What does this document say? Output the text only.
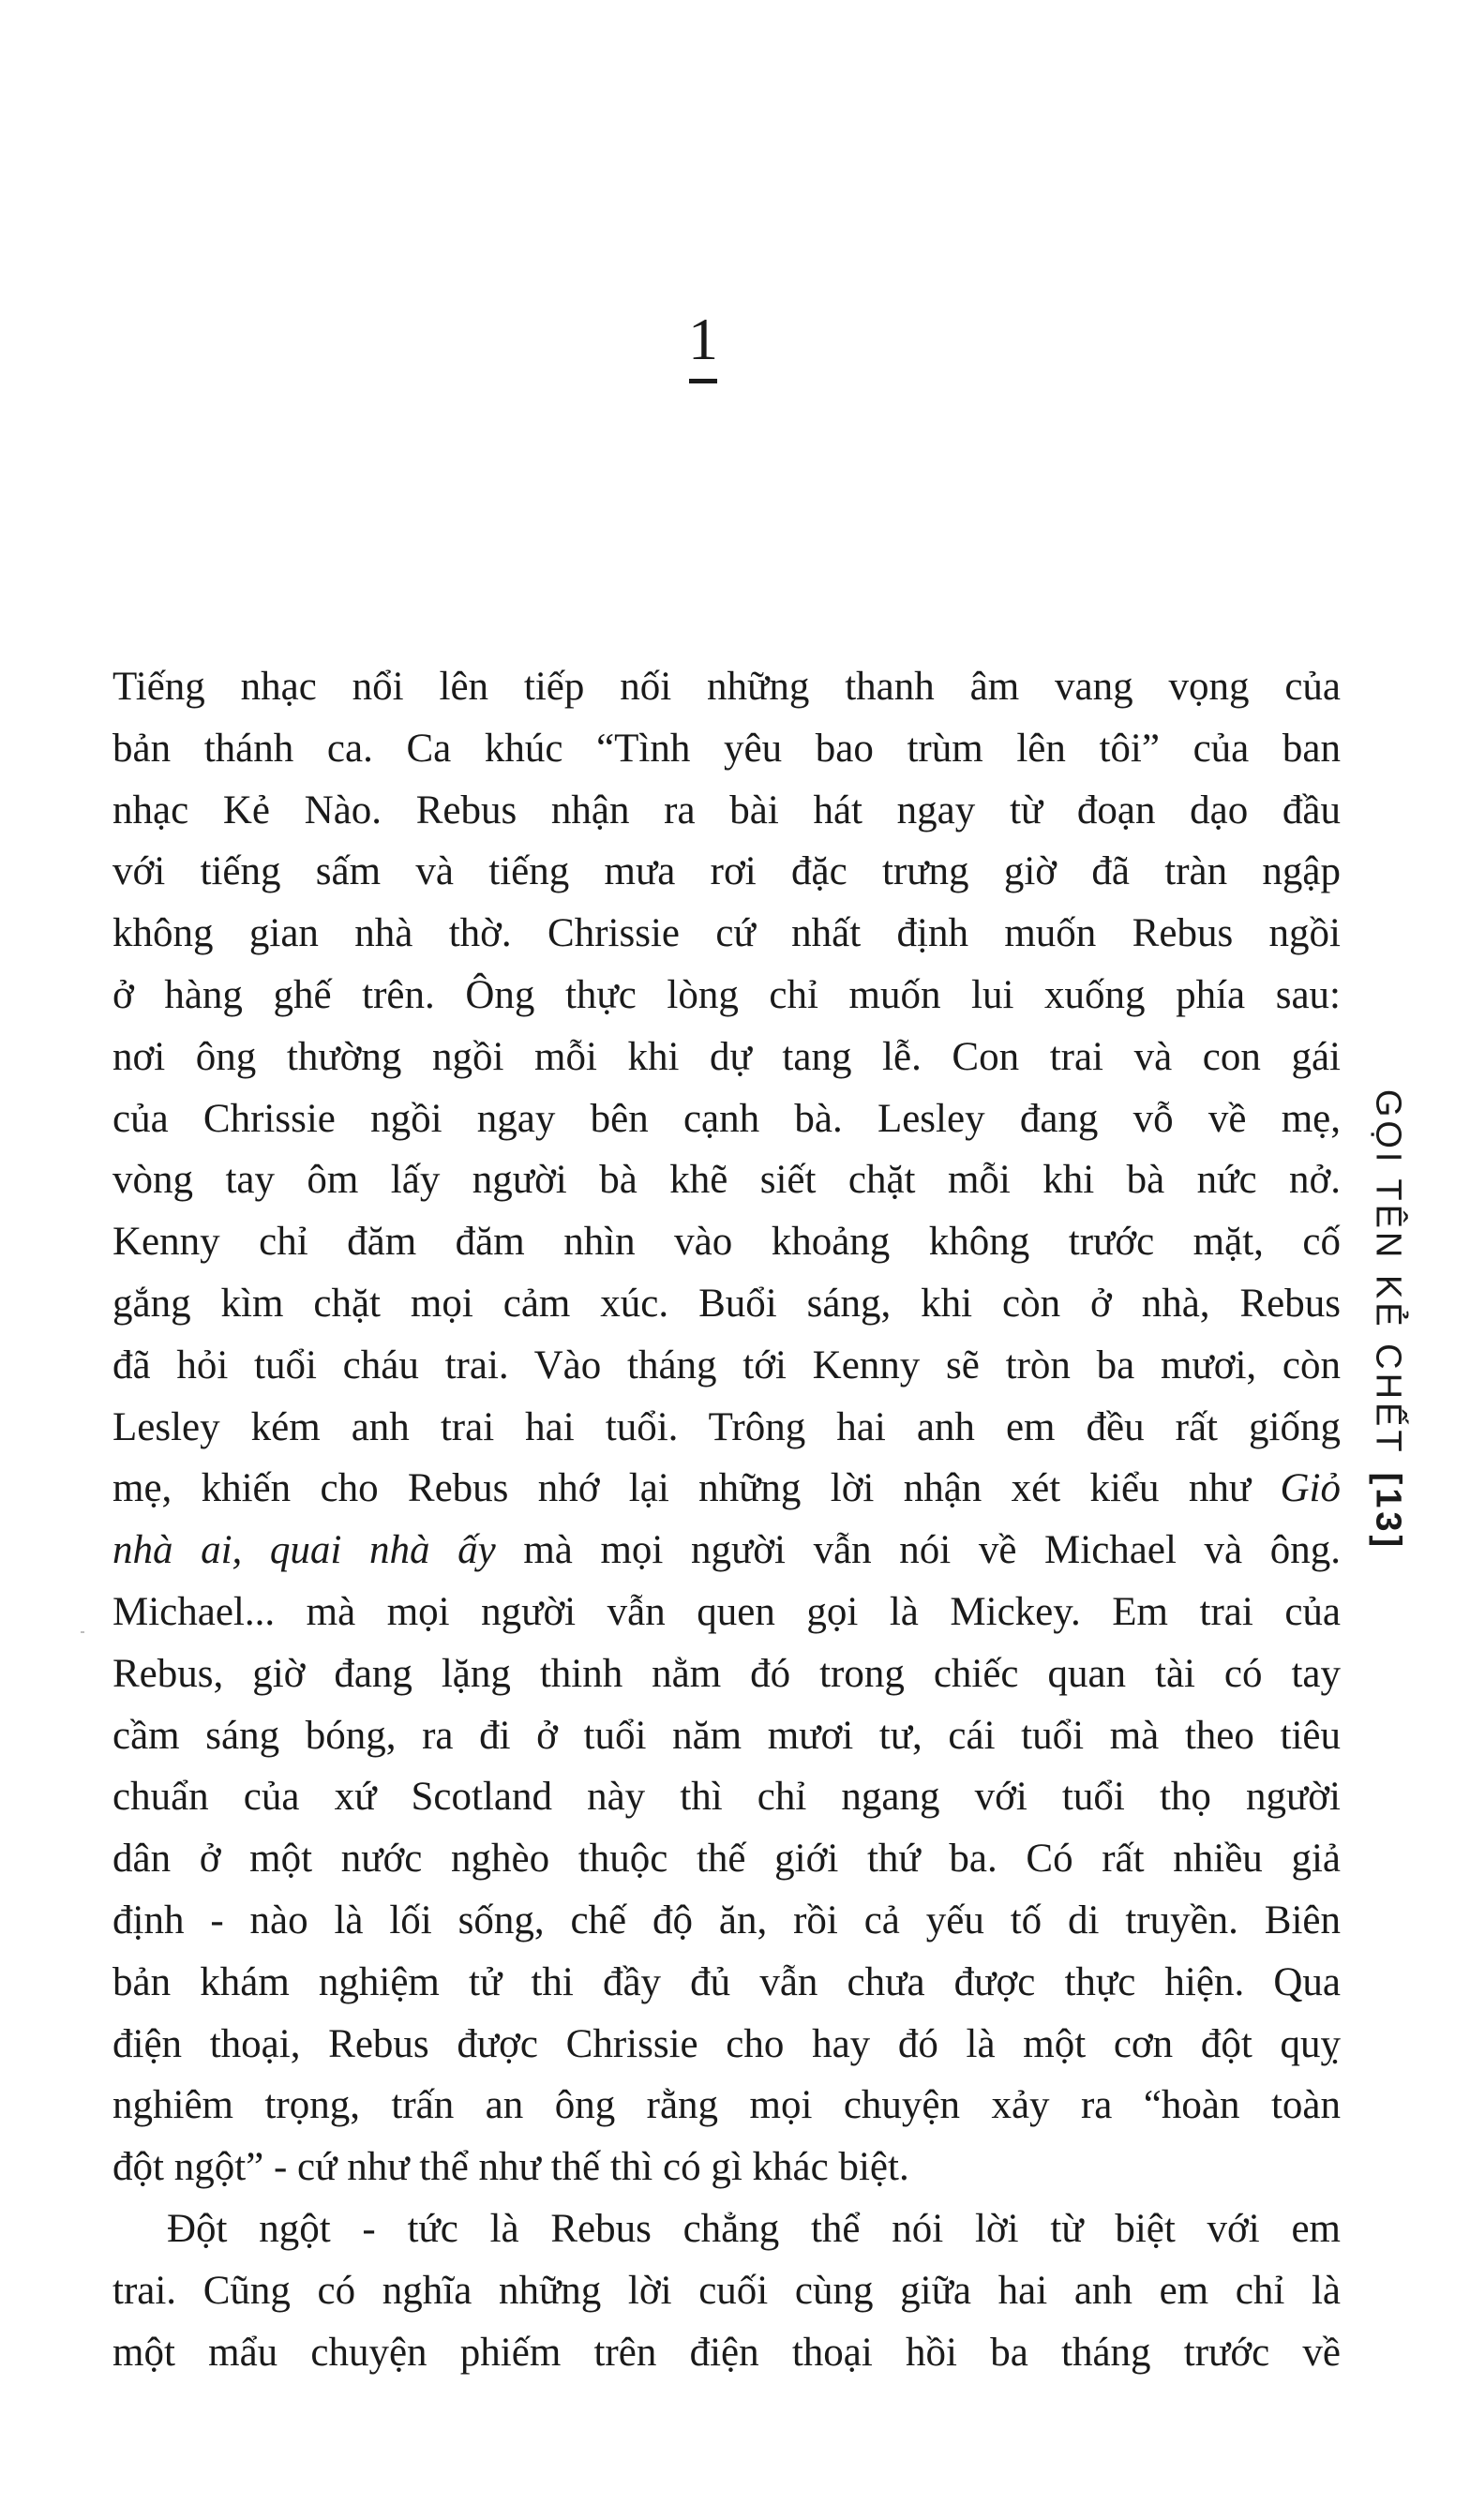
1

Tiếng nhạc nổi lên tiếp nối những thanh âm vang vọng của
bản thánh ca. Ca khúc “Tình yêu bao trùm lên tôi” của ban
nhạc Kẻ Nào. Rebus nhận ra bài hát ngay từ đoạn dạo đầu
với tiếng sấm và tiếng mưa rơi đặc trưng giờ đã tràn ngập
không gian nhà thờ. Chrissie cứ nhất định muốn Rebus ngồi
ở hàng ghế trên. Ông thực lòng chỉ muốn lui xuống phía sau:
nơi ông thường ngồi mỗi khi dự tang lễ. Con trai và con gái
của Chrissie ngồi ngay bên cạnh bà. Lesley đang vỗ về mẹ,
vòng tay ôm lấy người bà khẽ siết chặt mỗi khi bà nức nở.
Kenny chỉ đăm đăm nhìn vào khoảng không trước mặt, cố
gắng kìm chặt mọi cảm xúc. Buổi sáng, khi còn ở nhà, Rebus
đã hỏi tuổi cháu trai. Vào tháng tới Kenny sẽ tròn ba mươi, còn
Lesley kém anh trai hai tuổi. Trông hai anh em đều rất giống
mẹ, khiến cho Rebus nhớ lại những lời nhận xét kiểu như Giỏ
nhà ai, quai nhà ấy mà mọi người vẫn nói về Michael và ông.
Michael... mà mọi người vẫn quen gọi là Mickey. Em trai của
Rebus, giờ đang lặng thinh nằm đó trong chiếc quan tài có tay
cầm sáng bóng, ra đi ở tuổi năm mươi tư, cái tuổi mà theo tiêu
chuẩn của xứ Scotland này thì chỉ ngang với tuổi thọ người
dân ở một nước nghèo thuộc thế giới thứ ba. Có rất nhiều giả
định - nào là lối sống, chế độ ăn, rồi cả yếu tố di truyền. Biên
bản khám nghiệm tử thi đầy đủ vẫn chưa được thực hiện. Qua
điện thoại, Rebus được Chrissie cho hay đó là một cơn đột quỵ
nghiêm trọng, trấn an ông rằng mọi chuyện xảy ra “hoàn toàn
đột ngột” - cứ như thể như thế thì có gì khác biệt.

Đột ngột - tức là Rebus chẳng thể nói lời từ biệt với em
trai. Cũng có nghĩa những lời cuối cùng giữa hai anh em chỉ là
một mẩu chuyện phiếm trên điện thoại hồi ba tháng trước về

GỌI TÊN KẺ CHẾT[13]
